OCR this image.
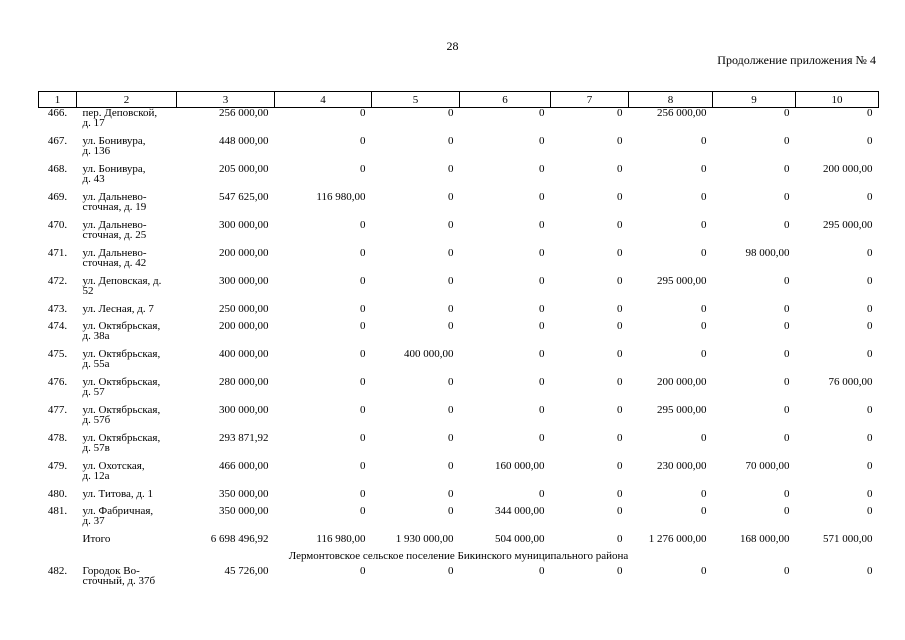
28
Продолжение приложения № 4
1	2	3	4	5	6	7	8	9	10
466.	пер. Деповской,
д. 17	256 000,00	0	0	0	0	256 000,00	0	0
467.	ул. Бонивура,
д. 136	448 000,00	0	0	0	0	0	0	0
468.	ул. Бонивура,
д. 43	205 000,00	0	0	0	0	0	0	200 000,00
469.	ул. Дальнево-
сточная, д. 19	547 625,00	116 980,00	0	0	0	0	0	0
470.	ул. Дальнево-
сточная, д. 25	300 000,00	0	0	0	0	0	0	295 000,00
471.	ул. Дальнево-
сточная, д. 42	200 000,00	0	0	0	0	0	98 000,00	0
472.	ул. Деповская, д.
52	300 000,00	0	0	0	0	295 000,00	0	0
473.	ул. Лесная, д. 7	250 000,00	0	0	0	0	0	0	0
474.	ул. Октябрьская,
д. 38а	200 000,00	0	0	0	0	0	0	0
475.	ул. Октябрьская,
д. 55а	400 000,00	0	400 000,00	0	0	0	0	0
476.	ул. Октябрьская,
д. 57	280 000,00	0	0	0	0	200 000,00	0	76 000,00
477.	ул. Октябрьская,
д. 57б	300 000,00	0	0	0	0	295 000,00	0	0
478.	ул. Октябрьская,
д. 57в	293 871,92	0	0	0	0	0	0	0
479.	ул. Охотская,
д. 12а	466 000,00	0	0	160 000,00	0	230 000,00	70 000,00	0
480.	ул. Титова, д. 1	350 000,00	0	0	0	0	0	0	0
481.	ул. Фабричная,
д. 37	350 000,00	0	0	344 000,00	0	0	0	0
	Итого	6 698 496,92	116 980,00	1 930 000,00	504 000,00	0	1 276 000,00	168 000,00	571 000,00
Лермонтовское сельское поселение Бикинского муниципального района									
482.	Городок Во-
сточный, д. 37б	45 726,00	0	0	0	0	0	0	0
